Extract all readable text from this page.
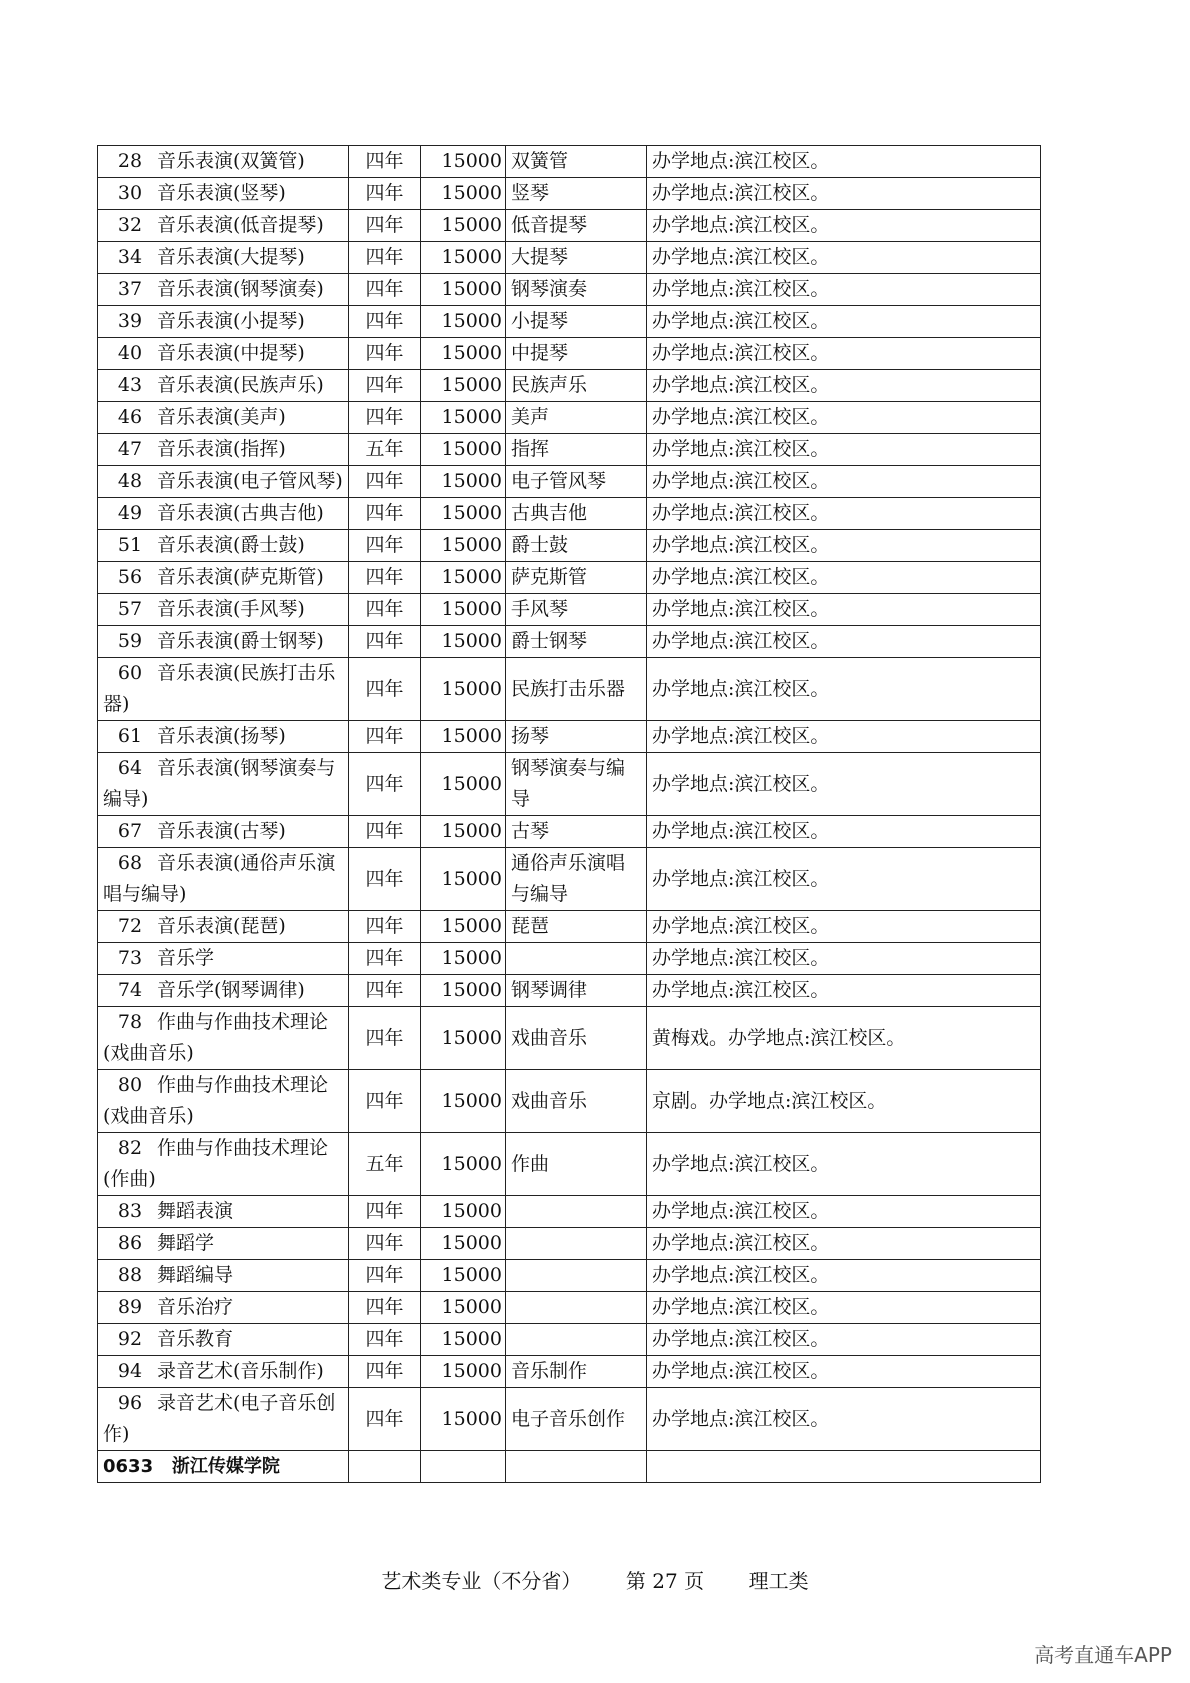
28 音乐表演(双簧管)	四年	15000	双簧管	办学地点:滨江校区。
30 音乐表演(竖琴)	四年	15000	竖琴	办学地点:滨江校区。
32 音乐表演(低音提琴)	四年	15000	低音提琴	办学地点:滨江校区。
34 音乐表演(大提琴)	四年	15000	大提琴	办学地点:滨江校区。
37 音乐表演(钢琴演奏)	四年	15000	钢琴演奏	办学地点:滨江校区。
39 音乐表演(小提琴)	四年	15000	小提琴	办学地点:滨江校区。
40 音乐表演(中提琴)	四年	15000	中提琴	办学地点:滨江校区。
43 音乐表演(民族声乐)	四年	15000	民族声乐	办学地点:滨江校区。
46 音乐表演(美声)	四年	15000	美声	办学地点:滨江校区。
47 音乐表演(指挥)	五年	15000	指挥	办学地点:滨江校区。
48 音乐表演(电子管风琴)	四年	15000	电子管风琴	办学地点:滨江校区。
49 音乐表演(古典吉他)	四年	15000	古典吉他	办学地点:滨江校区。
51 音乐表演(爵士鼓)	四年	15000	爵士鼓	办学地点:滨江校区。
56 音乐表演(萨克斯管)	四年	15000	萨克斯管	办学地点:滨江校区。
57 音乐表演(手风琴)	四年	15000	手风琴	办学地点:滨江校区。
59 音乐表演(爵士钢琴)	四年	15000	爵士钢琴	办学地点:滨江校区。
60 音乐表演(民族打击乐器)	四年	15000	民族打击乐器	办学地点:滨江校区。
61 音乐表演(扬琴)	四年	15000	扬琴	办学地点:滨江校区。
64 音乐表演(钢琴演奏与编导)	四年	15000	钢琴演奏与编导	办学地点:滨江校区。
67 音乐表演(古琴)	四年	15000	古琴	办学地点:滨江校区。
68 音乐表演(通俗声乐演唱与编导)	四年	15000	通俗声乐演唱与编导	办学地点:滨江校区。
72 音乐表演(琵琶)	四年	15000	琵琶	办学地点:滨江校区。
73 音乐学	四年	15000		办学地点:滨江校区。
74 音乐学(钢琴调律)	四年	15000	钢琴调律	办学地点:滨江校区。
78 作曲与作曲技术理论(戏曲音乐)	四年	15000	戏曲音乐	黄梅戏。办学地点:滨江校区。
80 作曲与作曲技术理论(戏曲音乐)	四年	15000	戏曲音乐	京剧。办学地点:滨江校区。
82 作曲与作曲技术理论(作曲)	五年	15000	作曲	办学地点:滨江校区。
83 舞蹈表演	四年	15000		办学地点:滨江校区。
86 舞蹈学	四年	15000		办学地点:滨江校区。
88 舞蹈编导	四年	15000		办学地点:滨江校区。
89 音乐治疗	四年	15000		办学地点:滨江校区。
92 音乐教育	四年	15000		办学地点:滨江校区。
94 录音艺术(音乐制作)	四年	15000	音乐制作	办学地点:滨江校区。
96 录音艺术(电子音乐创作)	四年	15000	电子音乐创作	办学地点:滨江校区。
0633 浙江传媒学院				
艺术类专业（不分省） 第 27 页 理工类
高考直通车APP
